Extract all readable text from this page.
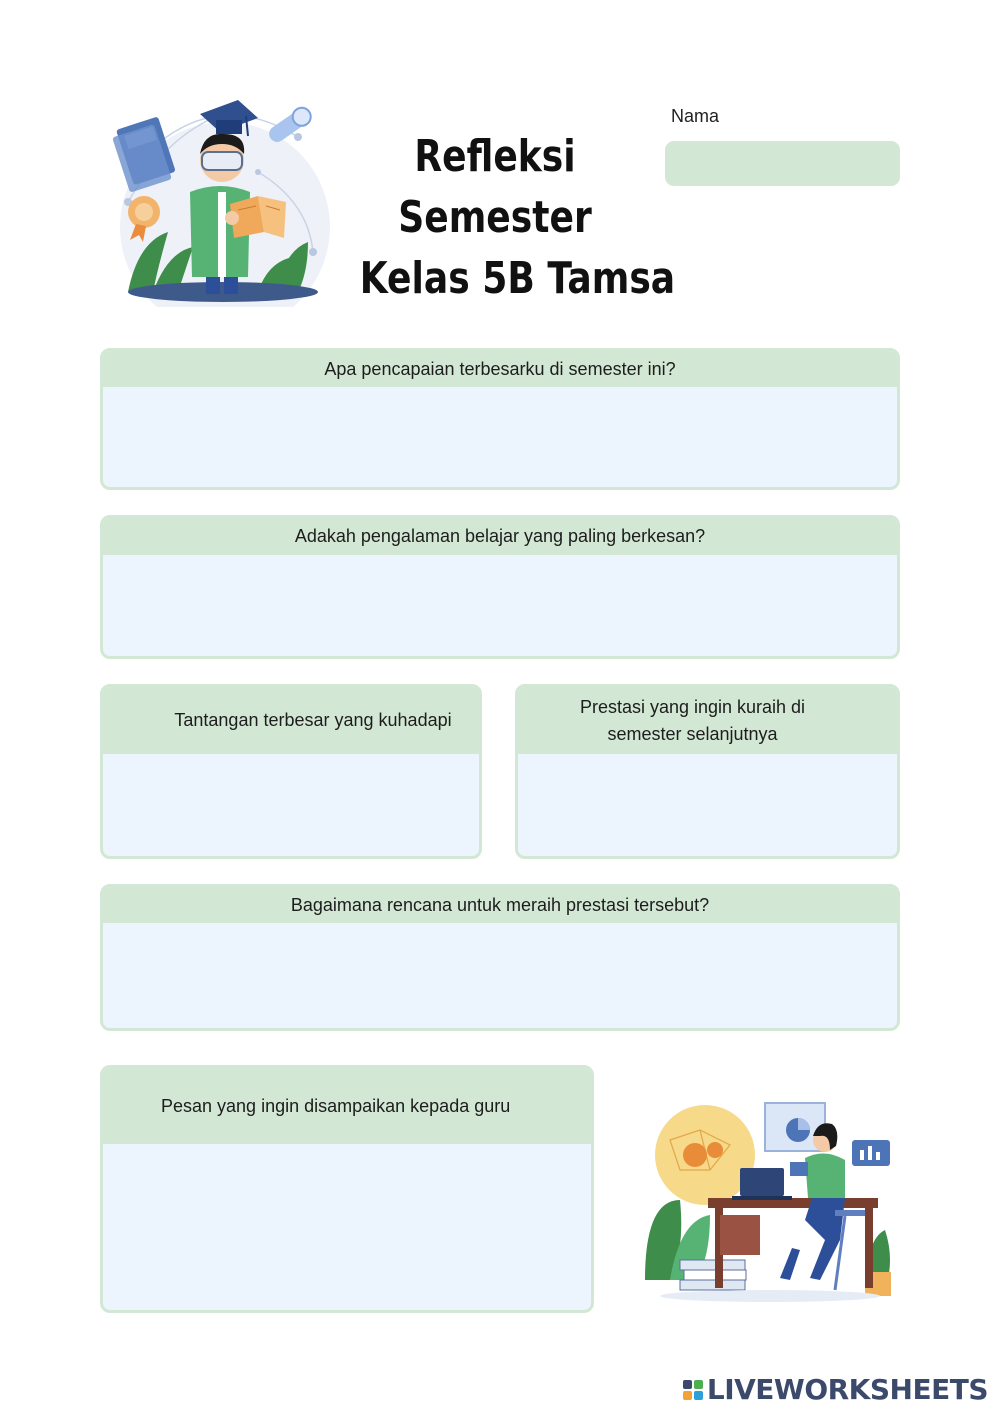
Refleksi
Semester
Kelas 5B Tamsa
Nama
Apa pencapaian terbesarku di semester ini?
Adakah pengalaman belajar yang paling berkesan?
Tantangan terbesar yang kuhadapi
Prestasi yang ingin kuraih di semester selanjutnya
Bagaimana rencana untuk meraih prestasi tersebut?
Pesan yang ingin disampaikan kepada guru
LIVEWORKSHEETS
